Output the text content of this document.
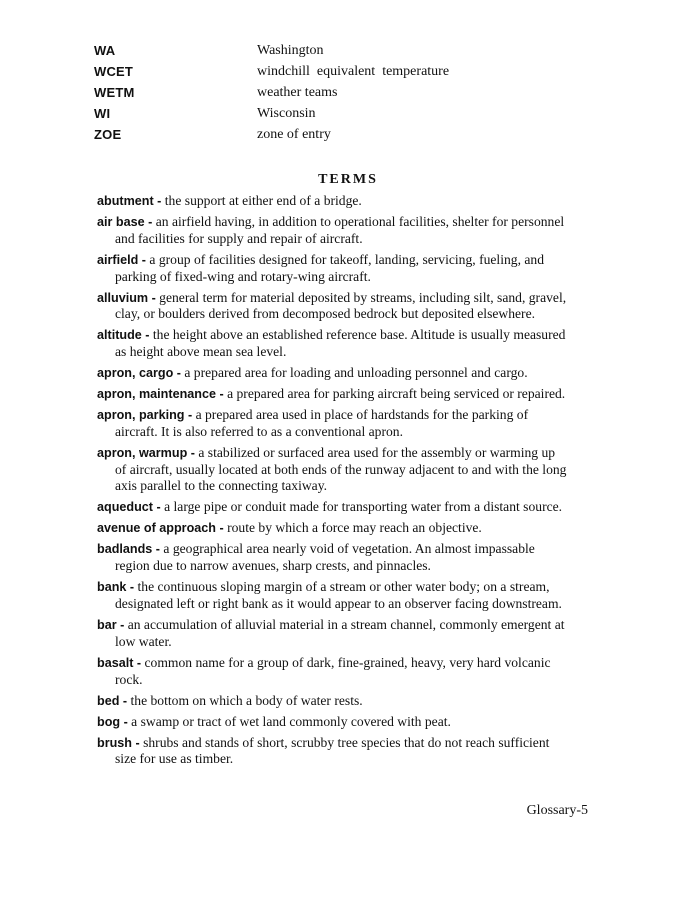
WA	Washington
WCET	windchill  equivalent  temperature
WETM	weather teams
WI	Wisconsin
ZOE	zone of entry
TERMS

abutment - the support at either end of a bridge.

air base - an airfield having, in addition to operational facilities, shelter for personnel and facilities for supply and repair of aircraft.

airfield - a group of facilities designed for takeoff, landing, servicing, fueling, and parking of fixed-wing and rotary-wing aircraft.

alluvium - general term for material deposited by streams, including silt, sand, gravel, clay, or boulders derived from decomposed bedrock but deposited elsewhere.

altitude - the height above an established reference base. Altitude is usually measured as height above mean sea level.

apron, cargo - a prepared area for loading and unloading personnel and cargo.

apron, maintenance - a prepared area for parking aircraft being serviced or repaired.

apron, parking - a prepared area used in place of hardstands for the parking of aircraft. It is also referred to as a conventional apron.

apron, warmup - a stabilized or surfaced area used for the assembly or warming up of aircraft, usually located at both ends of the runway adjacent to and with the long axis parallel to the connecting taxiway.

aqueduct - a large pipe or conduit made for transporting water from a distant source.

avenue of approach - route by which a force may reach an objective.

badlands - a geographical area nearly void of vegetation. An almost impassable region due to narrow avenues, sharp crests, and pinnacles.

bank - the continuous sloping margin of a stream or other water body; on a stream, designated left or right bank as it would appear to an observer facing downstream.

bar - an accumulation of alluvial material in a stream channel, commonly emergent at low water.

basalt - common name for a group of dark, fine-grained, heavy, very hard volcanic rock.

bed - the bottom on which a body of water rests.

bog - a swamp or tract of wet land commonly covered with peat.

brush - shrubs and stands of short, scrubby tree species that do not reach sufficient size for use as timber.

Glossary-5
